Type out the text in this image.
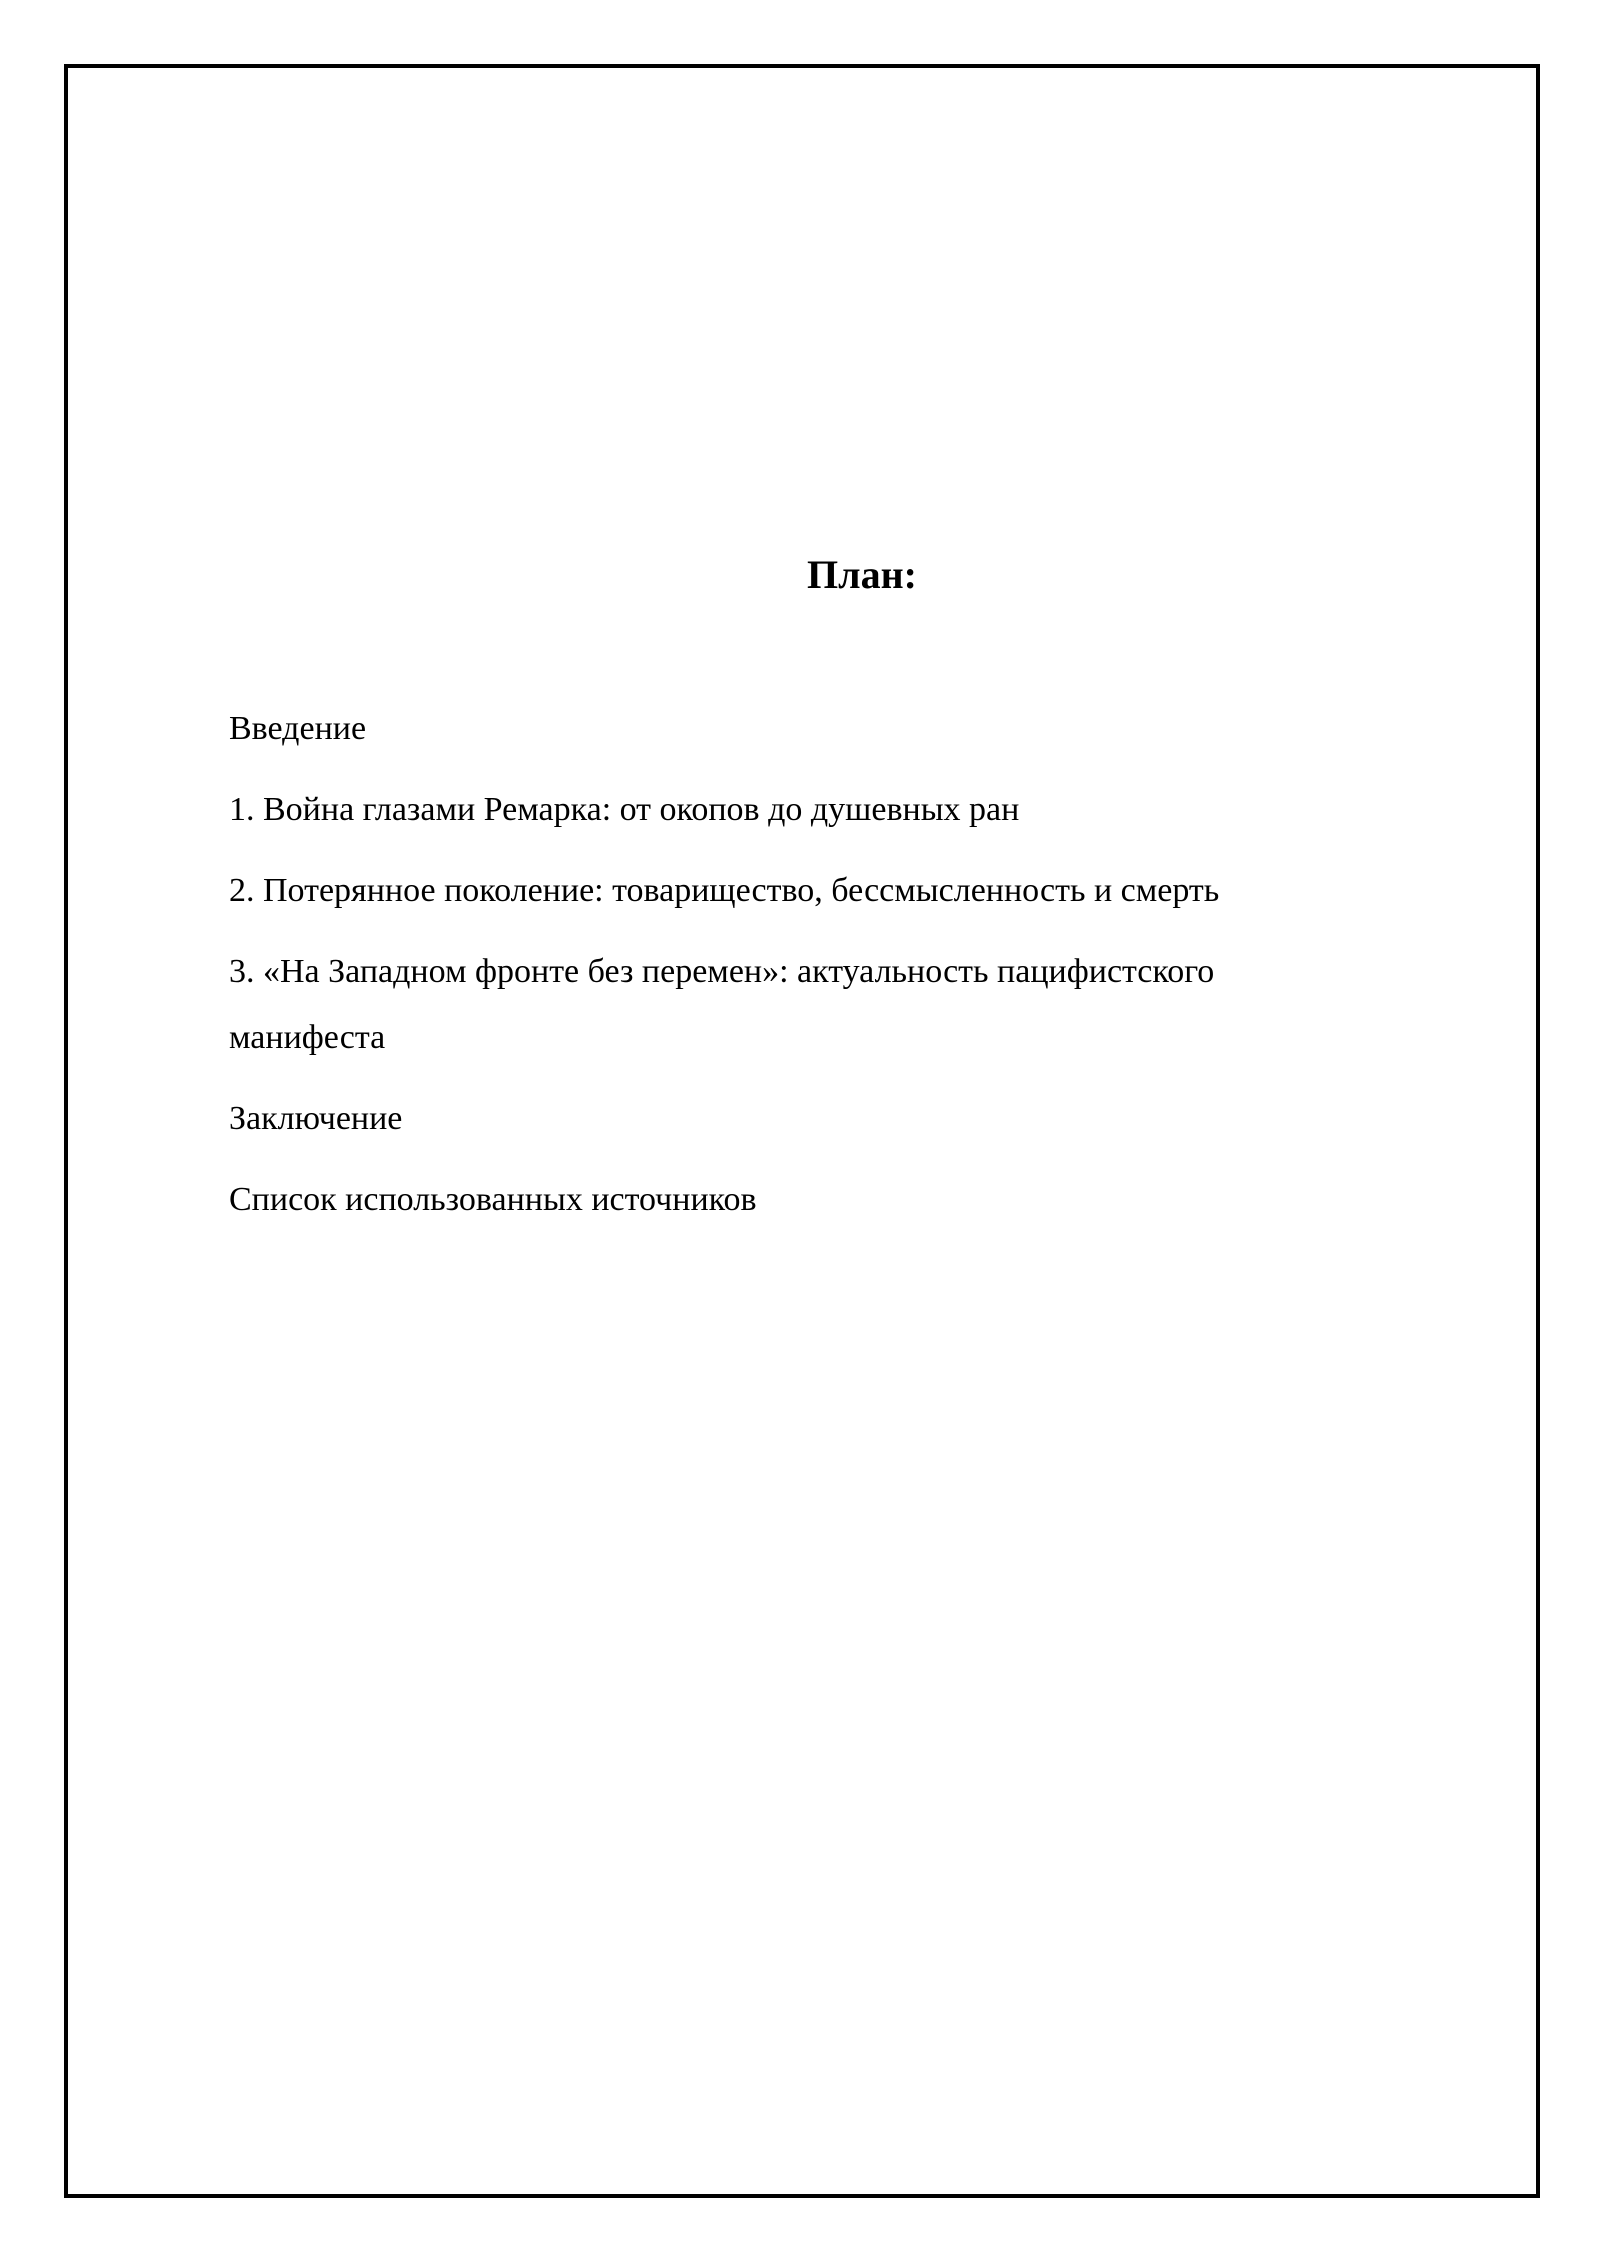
План:
Введение
1. Война глазами Ремарка: от окопов до душевных ран
2. Потерянное поколение: товарищество, бессмысленность и смерть
3. «На Западном фронте без перемен»: актуальность пацифистского манифеста
Заключение
Список использованных источников
